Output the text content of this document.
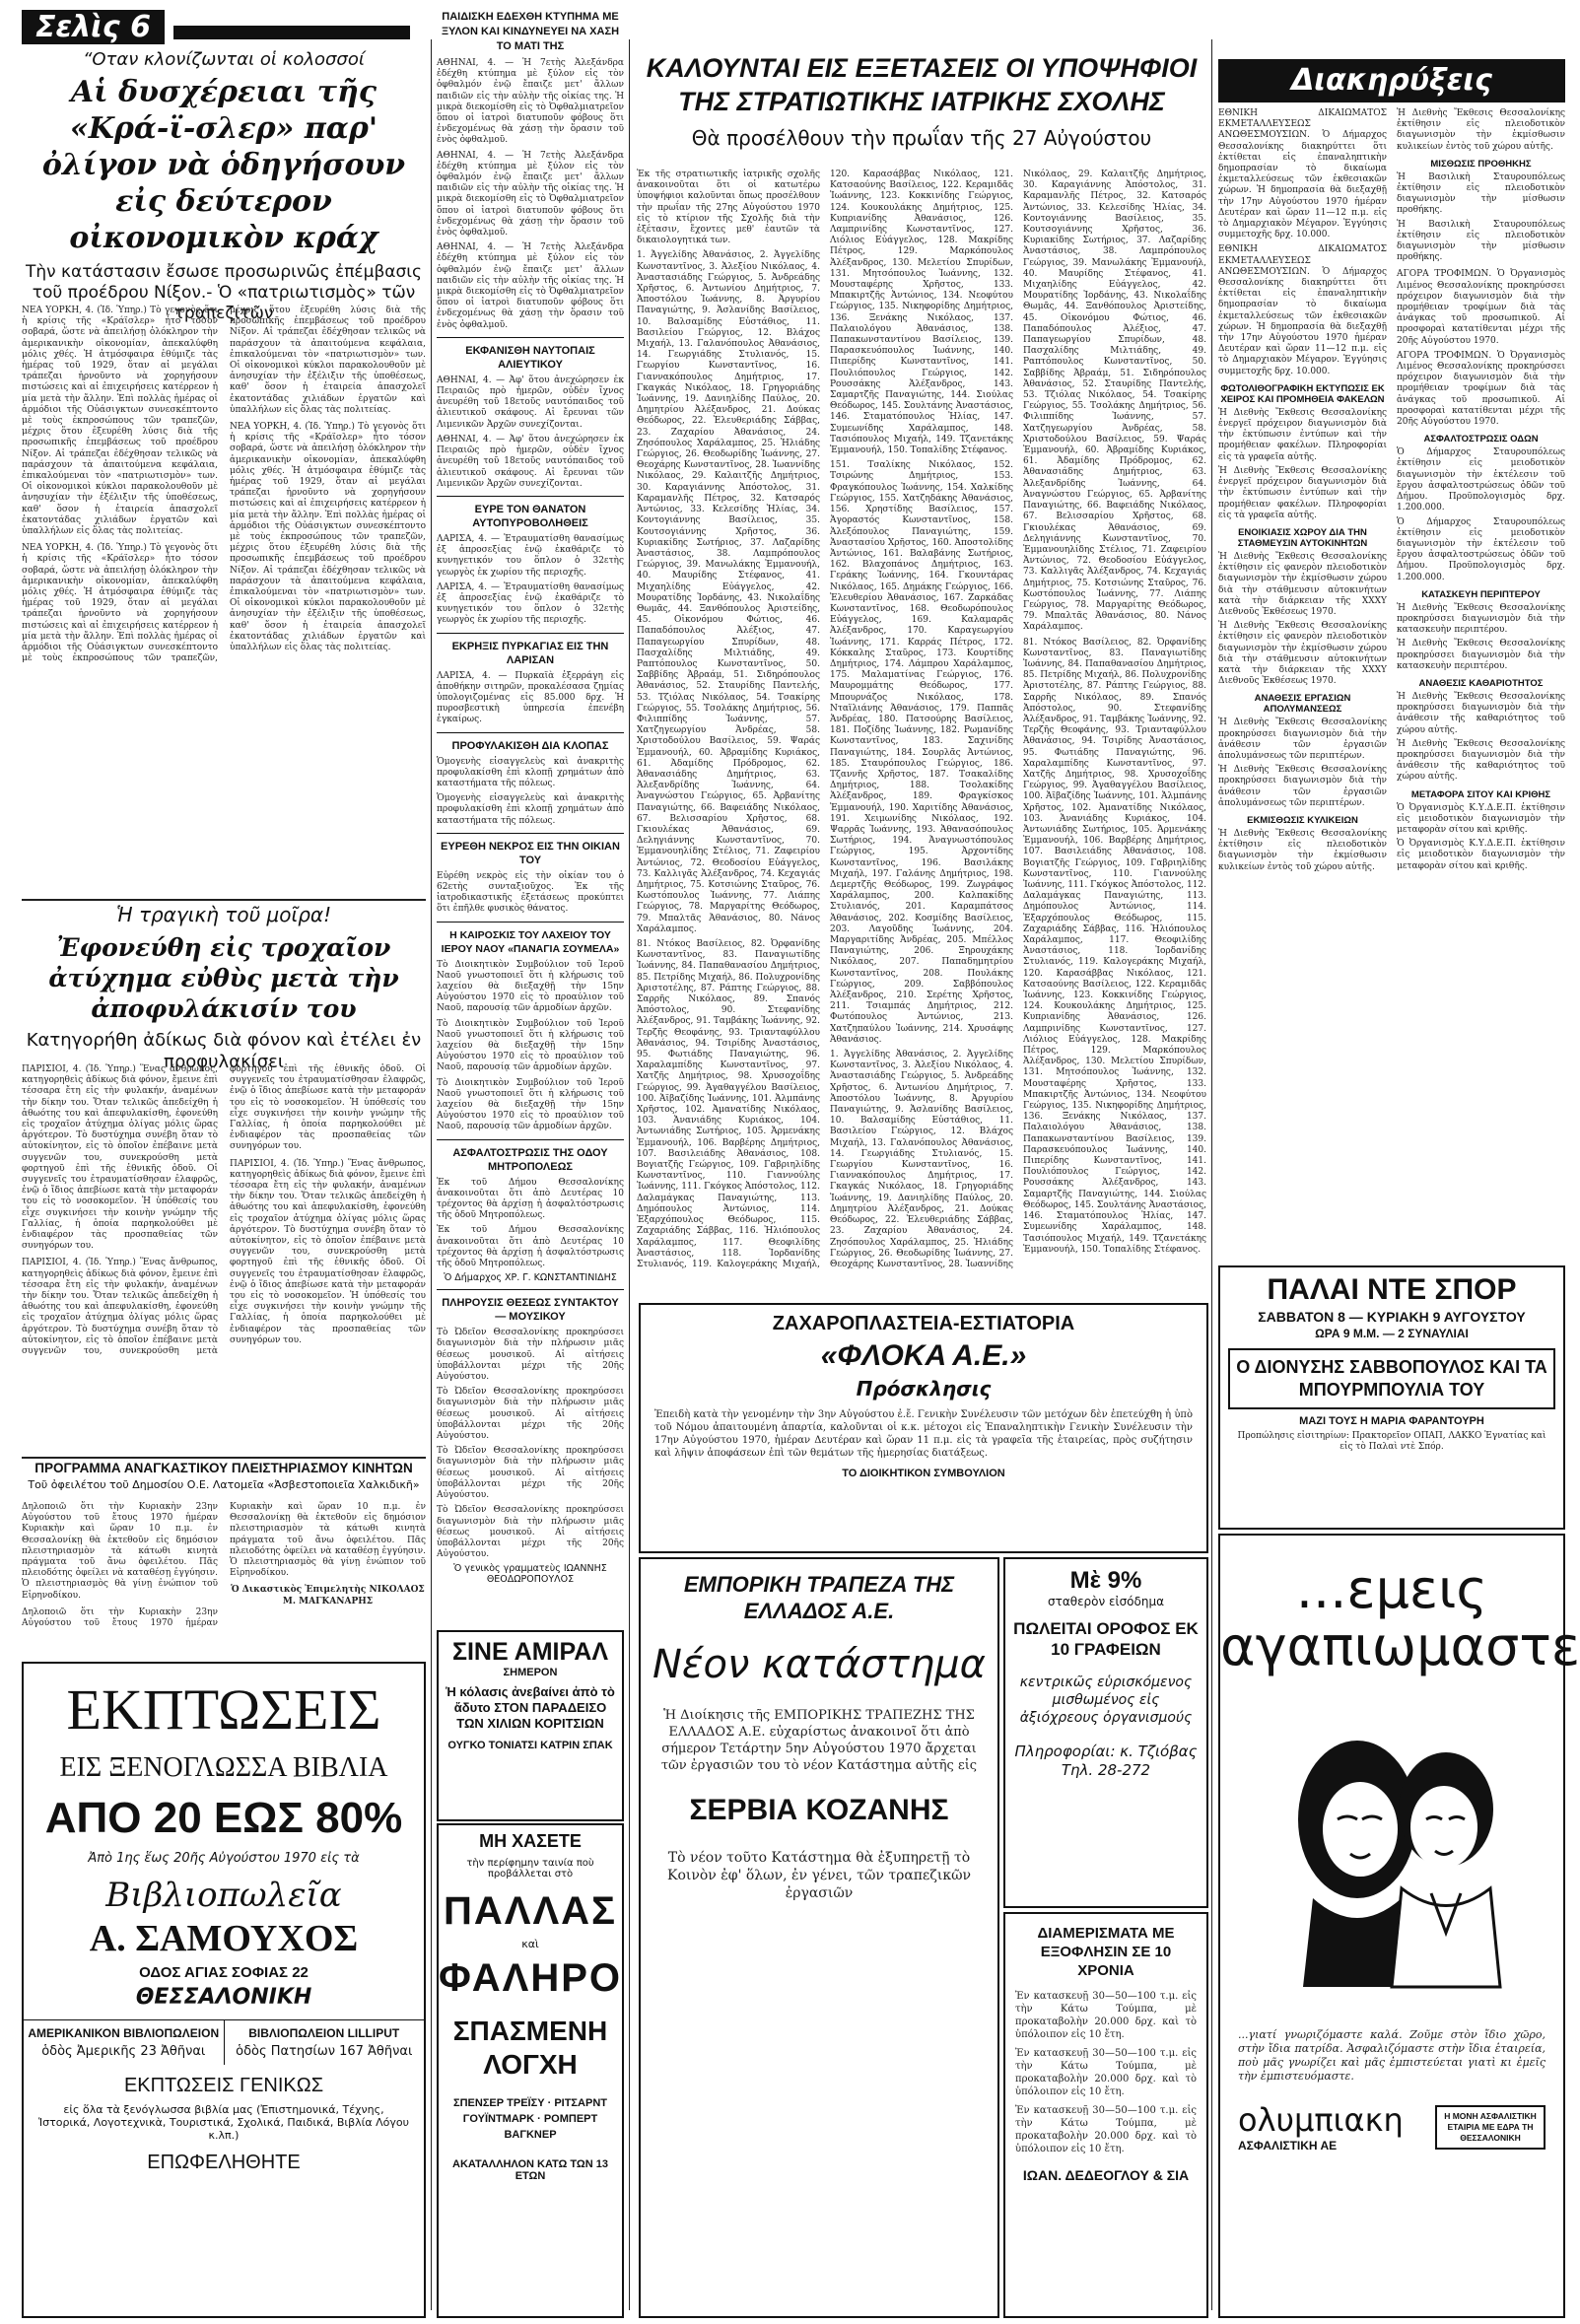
Σελὶς 6

“Οταν κλονίζωνται οἱ κολοσσοί

Αἱ δυσχέρειαι τῆς «Κρά-ϊ-σλερ» παρ' ὀλίγον νὰ ὁδηγήσουν εἰς δεύτερον οἰκονομικὸν κράχ

Τὴν κατάστασιν ἔσωσε προσωρινῶς ἐπέμβασις τοῦ προέδρου Νίξον.- Ὁ «πατριωτισμὸς» τῶν τραπεζιτῶν

ΝΕΑ ΥΟΡΚΗ, 4. (Ἰδ. Ὑπηρ.) Τὸ γεγονὸς ὅτι ἡ κρίσις τῆς «Κράϊσλερ» ἦτο τόσον σοβαρά, ὥστε νὰ ἀπειλήσῃ ὁλόκληρον τὴν ἀμερικανικὴν οἰκονομίαν, ἀπεκαλύφθη μόλις χθές. Ἡ ἀτμόσφαιρα ἐθύμιζε τὰς ἡμέρας τοῦ 1929, ὅταν αἱ μεγάλαι τράπεζαι ἡρνοῦντο νὰ χορηγήσουν πιστώσεις καὶ αἱ ἐπιχειρήσεις κατέρρεον ἡ μία μετὰ τὴν ἄλλην. Ἐπὶ πολλὰς ἡμέρας οἱ ἁρμόδιοι τῆς Οὐάσιγκτων συνεσκέπτοντο μὲ τοὺς ἐκπροσώπους τῶν τραπεζῶν, μέχρις ὅτου ἐξευρέθη λύσις διὰ τῆς προσωπικῆς ἐπεμβάσεως τοῦ προέδρου Νίξον. Αἱ τράπεζαι ἐδέχθησαν τελικῶς νὰ παράσχουν τὰ ἀπαιτούμενα κεφάλαια, ἐπικαλούμεναι τὸν «πατριωτισμὸν» των. Οἱ οἰκονομικοὶ κύκλοι παρακολουθοῦν μὲ ἀνησυχίαν τὴν ἐξέλιξιν τῆς ὑποθέσεως, καθ' ὅσον ἡ ἐταιρεία ἀπασχολεῖ ἑκατοντάδας χιλιάδων ἐργατῶν καὶ ὑπαλλήλων εἰς ὅλας τὰς πολιτείας.

ΝΕΑ ΥΟΡΚΗ, 4. (Ἰδ. Ὑπηρ.) Τὸ γεγονὸς ὅτι ἡ κρίσις τῆς «Κράϊσλερ» ἦτο τόσον σοβαρά, ὥστε νὰ ἀπειλήσῃ ὁλόκληρον τὴν ἀμερικανικὴν οἰκονομίαν, ἀπεκαλύφθη μόλις χθές. Ἡ ἀτμόσφαιρα ἐθύμιζε τὰς ἡμέρας τοῦ 1929, ὅταν αἱ μεγάλαι τράπεζαι ἡρνοῦντο νὰ χορηγήσουν πιστώσεις καὶ αἱ ἐπιχειρήσεις κατέρρεον ἡ μία μετὰ τὴν ἄλλην. Ἐπὶ πολλὰς ἡμέρας οἱ ἁρμόδιοι τῆς Οὐάσιγκτων συνεσκέπτοντο μὲ τοὺς ἐκπροσώπους τῶν τραπεζῶν, μέχρις ὅτου ἐξευρέθη λύσις διὰ τῆς προσωπικῆς ἐπεμβάσεως τοῦ προέδρου Νίξον. Αἱ τράπεζαι ἐδέχθησαν τελικῶς νὰ παράσχουν τὰ ἀπαιτούμενα κεφάλαια, ἐπικαλούμεναι τὸν «πατριωτισμὸν» των. Οἱ οἰκονομικοὶ κύκλοι παρακολουθοῦν μὲ ἀνησυχίαν τὴν ἐξέλιξιν τῆς ὑποθέσεως, καθ' ὅσον ἡ ἐταιρεία ἀπασχολεῖ ἑκατοντάδας χιλιάδων ἐργατῶν καὶ ὑπαλλήλων εἰς ὅλας τὰς πολιτείας.

ΝΕΑ ΥΟΡΚΗ, 4. (Ἰδ. Ὑπηρ.) Τὸ γεγονὸς ὅτι ἡ κρίσις τῆς «Κράϊσλερ» ἦτο τόσον σοβαρά, ὥστε νὰ ἀπειλήσῃ ὁλόκληρον τὴν ἀμερικανικὴν οἰκονομίαν, ἀπεκαλύφθη μόλις χθές. Ἡ ἀτμόσφαιρα ἐθύμιζε τὰς ἡμέρας τοῦ 1929, ὅταν αἱ μεγάλαι τράπεζαι ἡρνοῦντο νὰ χορηγήσουν πιστώσεις καὶ αἱ ἐπιχειρήσεις κατέρρεον ἡ μία μετὰ τὴν ἄλλην. Ἐπὶ πολλὰς ἡμέρας οἱ ἁρμόδιοι τῆς Οὐάσιγκτων συνεσκέπτοντο μὲ τοὺς ἐκπροσώπους τῶν τραπεζῶν, μέχρις ὅτου ἐξευρέθη λύσις διὰ τῆς προσωπικῆς ἐπεμβάσεως τοῦ προέδρου Νίξον. Αἱ τράπεζαι ἐδέχθησαν τελικῶς νὰ παράσχουν τὰ ἀπαιτούμενα κεφάλαια, ἐπικαλούμεναι τὸν «πατριωτισμὸν» των. Οἱ οἰκονομικοὶ κύκλοι παρακολουθοῦν μὲ ἀνησυχίαν τὴν ἐξέλιξιν τῆς ὑποθέσεως, καθ' ὅσον ἡ ἐταιρεία ἀπασχολεῖ ἑκατοντάδας χιλιάδων ἐργατῶν καὶ ὑπαλλήλων εἰς ὅλας τὰς πολιτείας.

Ἡ τραγικὴ τοῦ μοῖρα!

Ἐφονεύθη εἰς τροχαῖον ἀτύχημα εὐθὺς μετὰ τὴν ἀποφυλάκισίν του

Κατηγορήθη ἀδίκως διὰ φόνον καὶ ἐτέλει ἐν προφυλακίσει

ΠΑΡΙΣΙΟΙ, 4. (Ἰδ. Ὑπηρ.) Ἕνας ἄνθρωπος, κατηγορηθεὶς ἀδίκως διὰ φόνον, ἔμεινε ἐπὶ τέσσαρα ἔτη εἰς τὴν φυλακήν, ἀναμένων τὴν δίκην του. Ὅταν τελικῶς ἀπεδείχθη ἡ ἀθωότης του καὶ ἀπεφυλακίσθη, ἐφονεύθη εἰς τροχαῖον ἀτύχημα ὀλίγας μόλις ὥρας ἀργότερον. Τὸ δυστύχημα συνέβη ὅταν τὸ αὐτοκίνητον, εἰς τὸ ὁποῖον ἐπέβαινε μετὰ συγγενῶν του, συνεκρούσθη μετὰ φορτηγοῦ ἐπὶ τῆς ἐθνικῆς ὁδοῦ. Οἱ συγγενεῖς του ἐτραυματίσθησαν ἐλαφρῶς, ἐνῷ ὁ ἴδιος ἀπεβίωσε κατὰ τὴν μεταφοράν του εἰς τὸ νοσοκομεῖον. Ἡ ὑπόθεσίς του εἶχε συγκινήσει τὴν κοινὴν γνώμην τῆς Γαλλίας, ἡ ὁποία παρηκολούθει μὲ ἐνδιαφέρον τὰς προσπαθείας τῶν συνηγόρων του.

ΠΑΡΙΣΙΟΙ, 4. (Ἰδ. Ὑπηρ.) Ἕνας ἄνθρωπος, κατηγορηθεὶς ἀδίκως διὰ φόνον, ἔμεινε ἐπὶ τέσσαρα ἔτη εἰς τὴν φυλακήν, ἀναμένων τὴν δίκην του. Ὅταν τελικῶς ἀπεδείχθη ἡ ἀθωότης του καὶ ἀπεφυλακίσθη, ἐφονεύθη εἰς τροχαῖον ἀτύχημα ὀλίγας μόλις ὥρας ἀργότερον. Τὸ δυστύχημα συνέβη ὅταν τὸ αὐτοκίνητον, εἰς τὸ ὁποῖον ἐπέβαινε μετὰ συγγενῶν του, συνεκρούσθη μετὰ φορτηγοῦ ἐπὶ τῆς ἐθνικῆς ὁδοῦ. Οἱ συγγενεῖς του ἐτραυματίσθησαν ἐλαφρῶς, ἐνῷ ὁ ἴδιος ἀπεβίωσε κατὰ τὴν μεταφοράν του εἰς τὸ νοσοκομεῖον. Ἡ ὑπόθεσίς του εἶχε συγκινήσει τὴν κοινὴν γνώμην τῆς Γαλλίας, ἡ ὁποία παρηκολούθει μὲ ἐνδιαφέρον τὰς προσπαθείας τῶν συνηγόρων του.

ΠΑΡΙΣΙΟΙ, 4. (Ἰδ. Ὑπηρ.) Ἕνας ἄνθρωπος, κατηγορηθεὶς ἀδίκως διὰ φόνον, ἔμεινε ἐπὶ τέσσαρα ἔτη εἰς τὴν φυλακήν, ἀναμένων τὴν δίκην του. Ὅταν τελικῶς ἀπεδείχθη ἡ ἀθωότης του καὶ ἀπεφυλακίσθη, ἐφονεύθη εἰς τροχαῖον ἀτύχημα ὀλίγας μόλις ὥρας ἀργότερον. Τὸ δυστύχημα συνέβη ὅταν τὸ αὐτοκίνητον, εἰς τὸ ὁποῖον ἐπέβαινε μετὰ συγγενῶν του, συνεκρούσθη μετὰ φορτηγοῦ ἐπὶ τῆς ἐθνικῆς ὁδοῦ. Οἱ συγγενεῖς του ἐτραυματίσθησαν ἐλαφρῶς, ἐνῷ ὁ ἴδιος ἀπεβίωσε κατὰ τὴν μεταφοράν του εἰς τὸ νοσοκομεῖον. Ἡ ὑπόθεσίς του εἶχε συγκινήσει τὴν κοινὴν γνώμην τῆς Γαλλίας, ἡ ὁποία παρηκολούθει μὲ ἐνδιαφέρον τὰς προσπαθείας τῶν συνηγόρων του.

ΠΡΟΓΡΑΜΜΑ ΑΝΑΓΚΑΣΤΙΚΟΥ ΠΛΕΙΣΤΗΡΙΑΣΜΟΥ ΚΙΝΗΤΩΝ

Τοῦ ὀφειλέτου τοῦ Δημοσίου Ο.Ε. Λατομεῖα «Ἀσβεστοποιεῖα Χαλκιδικῆ»

Δηλοποιῶ ὅτι τὴν Κυριακὴν 23ην Αὐγούστου τοῦ ἔτους 1970 ἡμέραν Κυριακὴν καὶ ὥραν 10 π.μ. ἐν Θεσσαλονίκῃ θὰ ἐκτεθοῦν εἰς δημόσιον πλειστηριασμὸν τὰ κάτωθι κινητὰ πράγματα τοῦ ἄνω ὀφειλέτου. Πᾶς πλειοδότης ὀφείλει νὰ καταθέσῃ ἐγγύησιν. Ὁ πλειστηριασμὸς θὰ γίνῃ ἐνώπιον τοῦ Εἰρηνοδίκου.

Δηλοποιῶ ὅτι τὴν Κυριακὴν 23ην Αὐγούστου τοῦ ἔτους 1970 ἡμέραν Κυριακὴν καὶ ὥραν 10 π.μ. ἐν Θεσσαλονίκῃ θὰ ἐκτεθοῦν εἰς δημόσιον πλειστηριασμὸν τὰ κάτωθι κινητὰ πράγματα τοῦ ἄνω ὀφειλέτου. Πᾶς πλειοδότης ὀφείλει νὰ καταθέσῃ ἐγγύησιν. Ὁ πλειστηριασμὸς θὰ γίνῃ ἐνώπιον τοῦ Εἰρηνοδίκου.

Ὁ Δικαστικὸς Ἐπιμελητὴς ΝΙΚΟΛΑΟΣ Μ. ΜΑΓΚΑΝΑΡΗΣ

ΕΚΠΤΩΣΕΙΣ

ΕΙΣ ΞΕΝΟΓΛΩΣΣΑ ΒΙΒΛΙΑ

ΑΠΟ 20 ΕΩΣ 80%

Ἀπὸ 1ης ἕως 20ῆς Αὐγούστου 1970 εἰς τὰ

Βιβλιοπωλεῖα

Α. ΣΑΜΟΥΧΟΣ

ΟΔΟΣ ΑΓΙΑΣ ΣΟΦΙΑΣ 22

ΘΕΣΣΑΛΟΝΙΚΗ

ΑΜΕΡΙΚΑΝΙΚΟΝ ΒΙΒΛΙΟΠΩΛΕΙΟΝ

ὁδὸς Ἀμερικῆς 23 Ἀθῆναι

ΒΙΒΛΙΟΠΩΛΕΙΟΝ LILLIPUT

ὁδὸς Πατησίων 167 Ἀθῆναι

ΕΚΠΤΩΣΕΙΣ ΓΕΝΙΚΩΣ

εἰς ὅλα τὰ ξενόγλωσσα βιβλία μας (Ἐπιστημονικά, Τέχνης, Ἱστορικά, Λογοτεχνικὰ, Τουριστικά, Σχολικά, Παιδικά, Βιβλία Λόγου κ.λπ.)

ΕΠΩΦΕΛΗΘΗΤΕ

ΠΑΙΔΙΣΚΗ ΕΔΕΧΘΗ ΚΤΥΠΗΜΑ ΜΕ ΞΥΛΟΝ ΚΑΙ ΚΙΝΔΥΝΕΥΕΙ ΝΑ ΧΑΣΗ ΤΟ ΜΑΤΙ ΤΗΣ

ΑΘΗΝΑΙ, 4. — Ἡ 7ετὴς Ἀλεξάνδρα ἐδέχθη κτύπημα μὲ ξύλον εἰς τὸν ὀφθαλμόν ἐνῷ ἔπαιζε μετ' ἄλλων παιδιῶν εἰς τὴν αὐλὴν τῆς οἰκίας της. Ἡ μικρὰ διεκομίσθη εἰς τὸ Ὀφθαλμιατρεῖον ὅπου οἱ ἰατροὶ διατυποῦν φόβους ὅτι ἐνδεχομένως θὰ χάσῃ τὴν ὅρασιν τοῦ ἑνὸς ὀφθαλμοῦ.

ΑΘΗΝΑΙ, 4. — Ἡ 7ετὴς Ἀλεξάνδρα ἐδέχθη κτύπημα μὲ ξύλον εἰς τὸν ὀφθαλμόν ἐνῷ ἔπαιζε μετ' ἄλλων παιδιῶν εἰς τὴν αὐλὴν τῆς οἰκίας της. Ἡ μικρὰ διεκομίσθη εἰς τὸ Ὀφθαλμιατρεῖον ὅπου οἱ ἰατροὶ διατυποῦν φόβους ὅτι ἐνδεχομένως θὰ χάσῃ τὴν ὅρασιν τοῦ ἑνὸς ὀφθαλμοῦ.

ΑΘΗΝΑΙ, 4. — Ἡ 7ετὴς Ἀλεξάνδρα ἐδέχθη κτύπημα μὲ ξύλον εἰς τὸν ὀφθαλμόν ἐνῷ ἔπαιζε μετ' ἄλλων παιδιῶν εἰς τὴν αὐλὴν τῆς οἰκίας της. Ἡ μικρὰ διεκομίσθη εἰς τὸ Ὀφθαλμιατρεῖον ὅπου οἱ ἰατροὶ διατυποῦν φόβους ὅτι ἐνδεχομένως θὰ χάσῃ τὴν ὅρασιν τοῦ ἑνὸς ὀφθαλμοῦ.

ΕΚΦΑΝΙΣΘΗ ΝΑΥΤΟΠΑΙΣ ΑΛΙΕΥΤΙΚΟΥ

ΑΘΗΝΑΙ, 4. — Ἀφ' ὅτου ἀνεχώρησεν ἐκ Πειραιῶς πρὸ ἡμερῶν, οὐδὲν ἴχνος ἀνευρέθη τοῦ 18ετοῦς ναυτόπαιδος τοῦ ἀλιευτικοῦ σκάφους. Αἱ ἔρευναι τῶν Λιμενικῶν Ἀρχῶν συνεχίζονται.

ΑΘΗΝΑΙ, 4. — Ἀφ' ὅτου ἀνεχώρησεν ἐκ Πειραιῶς πρὸ ἡμερῶν, οὐδὲν ἴχνος ἀνευρέθη τοῦ 18ετοῦς ναυτόπαιδος τοῦ ἀλιευτικοῦ σκάφους. Αἱ ἔρευναι τῶν Λιμενικῶν Ἀρχῶν συνεχίζονται.

ΕΥΡΕ ΤΟΝ ΘΑΝΑΤΟΝ ΑΥΤΟΠΥΡΟΒΟΛΗΘΕΙΣ

ΛΑΡΙΣΑ, 4. — Ἐτραυματίσθη θανασίμως ἐξ ἀπροσεξίας ἐνῷ ἐκαθάριζε τὸ κυνηγετικόν του ὅπλον ὁ 32ετὴς γεωργὸς ἐκ χωρίου τῆς περιοχῆς.

ΛΑΡΙΣΑ, 4. — Ἐτραυματίσθη θανασίμως ἐξ ἀπροσεξίας ἐνῷ ἐκαθάριζε τὸ κυνηγετικόν του ὅπλον ὁ 32ετὴς γεωργὸς ἐκ χωρίου τῆς περιοχῆς.

ΕΚΡΗΞΙΣ ΠΥΡΚΑΓΙΑΣ ΕΙΣ ΤΗΝ ΛΑΡΙΣΑΝ

ΛΑΡΙΣΑ, 4. — Πυρκαϊὰ ἐξερράγη εἰς ἀποθήκην σιτηρῶν, προκαλέσασα ζημίας ὑπολογιζομένας εἰς 85.000 δρχ. Ἡ πυροσβεστικὴ ὑπηρεσία ἐπενέβη ἐγκαίρως.

ΠΡΟΦΥΛΑΚΙΣΘΗ ΔΙΑ ΚΛΟΠΑΣ

Ὁμογενὴς εἰσαγγελεὺς καὶ ἀνακριτὴς προφυλακίσθη ἐπὶ κλοπῇ χρημάτων ἀπὸ καταστήματα τῆς πόλεως.

Ὁμογενὴς εἰσαγγελεὺς καὶ ἀνακριτὴς προφυλακίσθη ἐπὶ κλοπῇ χρημάτων ἀπὸ καταστήματα τῆς πόλεως.

ΕΥΡΕΘΗ ΝΕΚΡΟΣ ΕΙΣ ΤΗΝ ΟΙΚΙΑΝ ΤΟΥ

Εὑρέθη νεκρὸς εἰς τὴν οἰκίαν του ὁ 62ετὴς συνταξιοῦχος. Ἐκ τῆς ἰατροδικαστικῆς ἐξετάσεως προκύπτει ὅτι ἐπῆλθε φυσικὸς θάνατος.

Η ΚΑΙΡΟΣΚΙΣ ΤΟΥ ΛΑΧΕΙΟΥ ΤΟΥ ΙΕΡΟΥ ΝΑΟΥ «ΠΑΝΑΓΙΑ ΣΟΥΜΕΛΑ»

Τὸ Διοικητικὸν Συμβούλιον τοῦ Ἱεροῦ Ναοῦ γνωστοποιεῖ ὅτι ἡ κλήρωσις τοῦ λαχείου θὰ διεξαχθῇ τὴν 15ην Αὐγούστου 1970 εἰς τὸ προαύλιον τοῦ Ναοῦ, παρουσίᾳ τῶν ἁρμοδίων ἀρχῶν.

Τὸ Διοικητικὸν Συμβούλιον τοῦ Ἱεροῦ Ναοῦ γνωστοποιεῖ ὅτι ἡ κλήρωσις τοῦ λαχείου θὰ διεξαχθῇ τὴν 15ην Αὐγούστου 1970 εἰς τὸ προαύλιον τοῦ Ναοῦ, παρουσίᾳ τῶν ἁρμοδίων ἀρχῶν.

Τὸ Διοικητικὸν Συμβούλιον τοῦ Ἱεροῦ Ναοῦ γνωστοποιεῖ ὅτι ἡ κλήρωσις τοῦ λαχείου θὰ διεξαχθῇ τὴν 15ην Αὐγούστου 1970 εἰς τὸ προαύλιον τοῦ Ναοῦ, παρουσίᾳ τῶν ἁρμοδίων ἀρχῶν.

ΑΣΦΑΛΤΟΣΤΡΩΣΙΣ ΤΗΣ ΟΔΟΥ ΜΗΤΡΟΠΟΛΕΩΣ

Ἐκ τοῦ Δήμου Θεσσαλονίκης ἀνακοινοῦται ὅτι ἀπὸ Δευτέρας 10 τρέχοντος θὰ ἀρχίσῃ ἡ ἀσφαλτόστρωσις τῆς ὁδοῦ Μητροπόλεως.

Ἐκ τοῦ Δήμου Θεσσαλονίκης ἀνακοινοῦται ὅτι ἀπὸ Δευτέρας 10 τρέχοντος θὰ ἀρχίσῃ ἡ ἀσφαλτόστρωσις τῆς ὁδοῦ Μητροπόλεως.

Ὁ Δήμαρχος ΧΡ. Γ. ΚΩΝΣΤΑΝΤΙΝΙΔΗΣ

ΠΛΗΡΟΥΣΙΣ ΘΕΣΕΩΣ ΣΥΝΤΑΚΤΟΥ — ΜΟΥΣΙΚΟΥ

Τὸ Ὠδεῖον Θεσσαλονίκης προκηρύσσει διαγωνισμὸν διὰ τὴν πλήρωσιν μιᾶς θέσεως μουσικοῦ. Αἱ αἰτήσεις ὑποβάλλονται μέχρι τῆς 20ῆς Αὐγούστου.

Τὸ Ὠδεῖον Θεσσαλονίκης προκηρύσσει διαγωνισμὸν διὰ τὴν πλήρωσιν μιᾶς θέσεως μουσικοῦ. Αἱ αἰτήσεις ὑποβάλλονται μέχρι τῆς 20ῆς Αὐγούστου.

Τὸ Ὠδεῖον Θεσσαλονίκης προκηρύσσει διαγωνισμὸν διὰ τὴν πλήρωσιν μιᾶς θέσεως μουσικοῦ. Αἱ αἰτήσεις ὑποβάλλονται μέχρι τῆς 20ῆς Αὐγούστου.

Τὸ Ὠδεῖον Θεσσαλονίκης προκηρύσσει διαγωνισμὸν διὰ τὴν πλήρωσιν μιᾶς θέσεως μουσικοῦ. Αἱ αἰτήσεις ὑποβάλλονται μέχρι τῆς 20ῆς Αὐγούστου.

Ὁ γενικὸς γραμματεὺς ΙΩΑΝΝΗΣ ΘΕΟΔΩΡΟΠΟΥΛΟΣ

ΣΙΝΕ ΑΜΙΡΑΛ

ΣΗΜΕΡΟΝ

Ἡ κόλασις ἀνεβαίνει ἀπὸ τὸ ἄδυτο ΣΤΟΝ ΠΑΡΑΔΕΙΣΟ ΤΩΝ ΧΙΛΙΩΝ ΚΟΡΙΤΣΙΩΝ

ΟΥΓΚΟ ΤΟΝΙΑΤΣΙ ΚΑΤΡΙΝ ΣΠΑΚ

ΜΗ ΧΑΣΕΤΕ

τὴν περίφημην ταινία ποὺ προβάλλεται στὸ

ΠΑΛΛΑΣ

καὶ

ΦΑΛΗΡΟ

ΣΠΑΣΜΕΝΗ ΛΟΓΧΗ

ΣΠΕΝΣΕΡ ΤΡΕΪΣΥ · ΡΙΤΣΑΡΝΤ ΓΟΥΪΝΤΜΑΡΚ · ΡΟΜΠΕΡΤ ΒΑΓΚΝΕΡ

ΑΚΑΤΑΛΛΗΛΟΝ ΚΑΤΩ ΤΩΝ 13 ΕΤΩΝ

ΚΑΛΟΥΝΤΑΙ ΕΙΣ ΕΞΕΤΑΣΕΙΣ ΟΙ ΥΠΟΨΗΦΙΟΙ ΤΗΣ ΣΤΡΑΤΙΩΤΙΚΗΣ ΙΑΤΡΙΚΗΣ ΣΧΟΛΗΣ

Θὰ προσέλθουν τὴν πρωΐαν τῆς 27 Αὐγούστου

Ἐκ τῆς στρατιωτικῆς ἰατρικῆς σχολῆς ἀνακοινοῦται ὅτι οἱ κατωτέρω ὑποψήφιοι καλοῦνται ὅπως προσέλθουν τὴν πρωΐαν τῆς 27ης Αὐγούστου 1970 εἰς τὸ κτίριον τῆς Σχολῆς διὰ τὴν ἐξέτασιν, ἔχοντες μεθ' ἑαυτῶν τὰ δικαιολογητικά των.

1. Ἀγγελίδης Ἀθανάσιος, 2. Ἀγγελίδης Κωνσταντῖνος, 3. Ἀλεξίου Νικόλαος, 4. Ἀναστασιάδης Γεώργιος, 5. Ἀνδρεάδης Χρῆστος, 6. Ἀντωνίου Δημήτριος, 7. Ἀποστόλου Ἰωάννης, 8. Ἀργυρίου Παναγιώτης, 9. Ἀσλανίδης Βασίλειος, 10. Βαλσαμίδης Εὐστάθιος, 11. Βασιλείου Γεώργιος, 12. Βλάχος Μιχαήλ, 13. Γαλανόπουλος Ἀθανάσιος, 14. Γεωργιάδης Στυλιανός, 15. Γεωργίου Κωνσταντῖνος, 16. Γιαννακόπουλος Δημήτριος, 17. Γκαγκάς Νικόλαος, 18. Γρηγοριάδης Ἰωάννης, 19. Δανιηλίδης Παύλος, 20. Δημητρίου Ἀλέξανδρος, 21. Δούκας Θεόδωρος, 22. Ἐλευθεριάδης Σάββας, 23. Ζαχαρίου Ἀθανάσιος, 24. Ζησόπουλος Χαράλαμπος, 25. Ἠλιάδης Γεώργιος, 26. Θεοδωρίδης Ἰωάννης, 27. Θεοχάρης Κωνσταντῖνος, 28. Ἰωαννίδης Νικόλαος, 29. Καλαιτζῆς Δημήτριος, 30. Καραγιάννης Ἀπόστολος, 31. Καραμανλῆς Πέτρος, 32. Κατσαρός Ἀντώνιος, 33. Κελεσίδης Ἠλίας, 34. Κοντογιάννης Βασίλειος, 35. Κουτσογιάννης Χρῆστος, 36. Κυριακίδης Σωτήριος, 37. Λαζαρίδης Ἀναστάσιος, 38. Λαμπρόπουλος Γεώργιος, 39. Μανωλάκης Ἐμμανουήλ, 40. Μαυρίδης Στέφανος, 41. Μιχαηλίδης Εὐάγγελος, 42. Μουρατίδης Ἰορδάνης, 43. Νικολαΐδης Θωμᾶς, 44. Ξανθόπουλος Ἀριστείδης, 45. Οἰκονόμου Φώτιος, 46. Παπαδόπουλος Ἀλέξιος, 47. Παπαγεωργίου Σπυρίδων, 48. Πασχαλίδης Μιλτιάδης, 49. Ραπτόπουλος Κωνσταντῖνος, 50. Σαββίδης Ἀβραάμ, 51. Σιδηρόπουλος Ἀθανάσιος, 52. Σταυρίδης Παντελής, 53. Τζιόλας Νικόλαος, 54. Τσακίρης Γεώργιος, 55. Τσολάκης Δημήτριος, 56. Φιλιππίδης Ἰωάννης, 57. Χατζηγεωργίου Ἀνδρέας, 58. Χριστοδούλου Βασίλειος, 59. Ψαράς Ἐμμανουήλ, 60. Ἀβραμίδης Κυριάκος, 61. Ἀδαμίδης Πρόδρομος, 62. Ἀθανασιάδης Δημήτριος, 63. Ἀλεξανδρίδης Ἰωάννης, 64. Ἀναγνώστου Γεώργιος, 65. Ἀρβανίτης Παναγιώτης, 66. Βαφειάδης Νικόλαος, 67. Βελισσαρίου Χρῆστος, 68. Γκιουλέκας Ἀθανάσιος, 69. Δεληγιάννης Κωνσταντῖνος, 70. Ἐμμανουηλίδης Στέλιος, 71. Ζαφειρίου Ἀντώνιος, 72. Θεοδοσίου Εὐάγγελος, 73. Καλλιγᾶς Ἀλέξανδρος, 74. Κεχαγιάς Δημήτριος, 75. Κοτσιώνης Σταῦρος, 76. Κωστόπουλος Ἰωάννης, 77. Λιάπης Γεώργιος, 78. Μαργαρίτης Θεόδωρος, 79. Μπαλτᾶς Ἀθανάσιος, 80. Νάνος Χαράλαμπος.

81. Ντόκος Βασίλειος, 82. Ὀρφανίδης Κωνσταντῖνος, 83. Παναγιωτίδης Ἰωάννης, 84. Παπαθανασίου Δημήτριος, 85. Πετρίδης Μιχαήλ, 86. Πολυχρονίδης Ἀριστοτέλης, 87. Ράπτης Γεώργιος, 88. Σαρρῆς Νικόλαος, 89. Σπανός Ἀπόστολος, 90. Στεφανίδης Ἀλέξανδρος, 91. Ταμβάκης Ἰωάννης, 92. Τερζῆς Θεοφάνης, 93. Τριανταφύλλου Ἀθανάσιος, 94. Τσιρίδης Ἀναστάσιος, 95. Φωτιάδης Παναγιώτης, 96. Χαραλαμπίδης Κωνσταντῖνος, 97. Χατζῆς Δημήτριος, 98. Χρυσοχοΐδης Γεώργιος, 99. Ἀγαθαγγέλου Βασίλειος, 100. Ἀϊβαζίδης Ἰωάννης, 101. Ἀλμπάνης Χρῆστος, 102. Ἀμανατίδης Νικόλαος, 103. Ἀνανιάδης Κυριάκος, 104. Ἀντωνιάδης Σωτήριος, 105. Ἀρμενάκης Ἐμμανουήλ, 106. Βαρβέρης Δημήτριος, 107. Βασιλειάδης Ἀθανάσιος, 108. Βογιατζῆς Γεώργιος, 109. Γαβριηλίδης Κωνσταντῖνος, 110. Γιαννούλης Ἰωάννης, 111. Γκόγκος Ἀπόστολος, 112. Δαλαμάγκας Παναγιώτης, 113. Δημόπουλος Ἀντώνιος, 114. Ἐξαρχόπουλος Θεόδωρος, 115. Ζαχαριάδης Σάββας, 116. Ἠλιόπουλος Χαράλαμπος, 117. Θεοφιλίδης Ἀναστάσιος, 118. Ἰορδανίδης Στυλιανός, 119. Καλογεράκης Μιχαήλ, 120. Καρασάββας Νικόλαος, 121. Κατσαούνης Βασίλειος, 122. Κεραμιδᾶς Ἰωάννης, 123. Κοκκινίδης Γεώργιος, 124. Κουκουλάκης Δημήτριος, 125. Κυπριανίδης Ἀθανάσιος, 126. Λαμπρινίδης Κωνσταντῖνος, 127. Λιόλιος Εὐάγγελος, 128. Μακρίδης Πέτρος, 129. Μαρκόπουλος Ἀλέξανδρος, 130. Μελετίου Σπυρίδων, 131. Μητσόπουλος Ἰωάννης, 132. Μουσταφέρης Χρῆστος, 133. Μπακιρτζῆς Ἀντώνιος, 134. Νεοφύτου Γεώργιος, 135. Νικηφορίδης Δημήτριος, 136. Ξενάκης Νικόλαος, 137. Παλαιολόγου Ἀθανάσιος, 138. Παπακωνσταντίνου Βασίλειος, 139. Παρασκευόπουλος Ἰωάννης, 140. Πιπερίδης Κωνσταντῖνος, 141. Πουλιόπουλος Γεώργιος, 142. Ρουσσάκης Ἀλέξανδρος, 143. Σαμαρτζῆς Παναγιώτης, 144. Σιούλας Θεόδωρος, 145. Σουλτάνης Ἀναστάσιος, 146. Σταματόπουλος Ἠλίας, 147. Συμεωνίδης Χαράλαμπος, 148. Τασιόπουλος Μιχαήλ, 149. Τζανετάκης Ἐμμανουήλ, 150. Τοπαλίδης Στέφανος.

151. Τσαλίκης Νικόλαος, 152. Τσιρώνης Δημήτριος, 153. Φραγκόπουλος Ἰωάννης, 154. Χαλκίδης Γεώργιος, 155. Χατζηδάκης Ἀθανάσιος, 156. Χρηστίδης Βασίλειος, 157. Ἀγοραστός Κωνσταντῖνος, 158. Ἀλεξόπουλος Παναγιώτης, 159. Ἀναστασίου Χρῆστος, 160. Ἀποστολίδης Ἀντώνιος, 161. Βαλαβάνης Σωτήριος, 162. Βλαχοπάνος Δημήτριος, 163. Γεράκης Ἰωάννης, 164. Γκουντάρας Νικόλαος, 165. Δημάκης Γεώργιος, 166. Ἐλευθερίου Ἀθανάσιος, 167. Ζαρκάδας Κωνσταντῖνος, 168. Θεοδωρόπουλος Εὐάγγελος, 169. Καλαμαρᾶς Ἀλέξανδρος, 170. Καραγεωργίου Ἰωάννης, 171. Καρράς Πέτρος, 172. Κόκκαλης Σταῦρος, 173. Κουρτίδης Δημήτριος, 174. Λάμπρου Χαράλαμπος, 175. Μαλαματίνας Γεώργιος, 176. Μαυρομμάτης Θεόδωρος, 177. Μπουρνάζος Νικόλαος, 178. Νταϊλιάνης Ἀθανάσιος, 179. Παππᾶς Ἀνδρέας, 180. Πατσούρης Βασίλειος, 181. Ποζίδης Ἰωάννης, 182. Ρωμανίδης Κωνσταντῖνος, 183. Σαχινίδης Παναγιώτης, 184. Σουρλᾶς Ἀντώνιος, 185. Σταυρόπουλος Γεώργιος, 186. Τζαννῆς Χρῆστος, 187. Τσακαλίδης Δημήτριος, 188. Τσολακίδης Ἀλέξανδρος, 189. Φραγκίσκος Ἐμμανουήλ, 190. Χαριτίδης Ἀθανάσιος, 191. Χειμωνίδης Νικόλαος, 192. Ψαρρᾶς Ἰωάννης, 193. Ἀθανασόπουλος Σωτήριος, 194. Ἀναγνωστόπουλος Γεώργιος, 195. Ἀρχοντίδης Κωνσταντῖνος, 196. Βασιλάκης Μιχαήλ, 197. Γαλάνης Δημήτριος, 198. Δεμερτζῆς Θεόδωρος, 199. Ζωγράφος Χαράλαμπος, 200. Καλπακίδης Στυλιανός, 201. Καραμπάτσος Ἀθανάσιος, 202. Κοσμίδης Βασίλειος, 203. Λαγοῦδης Ἰωάννης, 204. Μαργαριτίδης Ἀνδρέας, 205. Μπέλλος Παναγιώτης, 206. Ξηρουχάκης Νικόλαος, 207. Παπαδημητρίου Κωνσταντῖνος, 208. Πουλάκης Γεώργιος, 209. Σαββόπουλος Ἀλέξανδρος, 210. Σερέτης Χρῆστος, 211. Τσιαμπάς Δημήτριος, 212. Φωτόπουλος Ἀντώνιος, 213. Χατζηπαύλου Ἰωάννης, 214. Χρυσάφης Ἀθανάσιος.

1. Ἀγγελίδης Ἀθανάσιος, 2. Ἀγγελίδης Κωνσταντῖνος, 3. Ἀλεξίου Νικόλαος, 4. Ἀναστασιάδης Γεώργιος, 5. Ἀνδρεάδης Χρῆστος, 6. Ἀντωνίου Δημήτριος, 7. Ἀποστόλου Ἰωάννης, 8. Ἀργυρίου Παναγιώτης, 9. Ἀσλανίδης Βασίλειος, 10. Βαλσαμίδης Εὐστάθιος, 11. Βασιλείου Γεώργιος, 12. Βλάχος Μιχαήλ, 13. Γαλανόπουλος Ἀθανάσιος, 14. Γεωργιάδης Στυλιανός, 15. Γεωργίου Κωνσταντῖνος, 16. Γιαννακόπουλος Δημήτριος, 17. Γκαγκάς Νικόλαος, 18. Γρηγοριάδης Ἰωάννης, 19. Δανιηλίδης Παύλος, 20. Δημητρίου Ἀλέξανδρος, 21. Δούκας Θεόδωρος, 22. Ἐλευθεριάδης Σάββας, 23. Ζαχαρίου Ἀθανάσιος, 24. Ζησόπουλος Χαράλαμπος, 25. Ἠλιάδης Γεώργιος, 26. Θεοδωρίδης Ἰωάννης, 27. Θεοχάρης Κωνσταντῖνος, 28. Ἰωαννίδης Νικόλαος, 29. Καλαιτζῆς Δημήτριος, 30. Καραγιάννης Ἀπόστολος, 31. Καραμανλῆς Πέτρος, 32. Κατσαρός Ἀντώνιος, 33. Κελεσίδης Ἠλίας, 34. Κοντογιάννης Βασίλειος, 35. Κουτσογιάννης Χρῆστος, 36. Κυριακίδης Σωτήριος, 37. Λαζαρίδης Ἀναστάσιος, 38. Λαμπρόπουλος Γεώργιος, 39. Μανωλάκης Ἐμμανουήλ, 40. Μαυρίδης Στέφανος, 41. Μιχαηλίδης Εὐάγγελος, 42. Μουρατίδης Ἰορδάνης, 43. Νικολαΐδης Θωμᾶς, 44. Ξανθόπουλος Ἀριστείδης, 45. Οἰκονόμου Φώτιος, 46. Παπαδόπουλος Ἀλέξιος, 47. Παπαγεωργίου Σπυρίδων, 48. Πασχαλίδης Μιλτιάδης, 49. Ραπτόπουλος Κωνσταντῖνος, 50. Σαββίδης Ἀβραάμ, 51. Σιδηρόπουλος Ἀθανάσιος, 52. Σταυρίδης Παντελής, 53. Τζιόλας Νικόλαος, 54. Τσακίρης Γεώργιος, 55. Τσολάκης Δημήτριος, 56. Φιλιππίδης Ἰωάννης, 57. Χατζηγεωργίου Ἀνδρέας, 58. Χριστοδούλου Βασίλειος, 59. Ψαράς Ἐμμανουήλ, 60. Ἀβραμίδης Κυριάκος, 61. Ἀδαμίδης Πρόδρομος, 62. Ἀθανασιάδης Δημήτριος, 63. Ἀλεξανδρίδης Ἰωάννης, 64. Ἀναγνώστου Γεώργιος, 65. Ἀρβανίτης Παναγιώτης, 66. Βαφειάδης Νικόλαος, 67. Βελισσαρίου Χρῆστος, 68. Γκιουλέκας Ἀθανάσιος, 69. Δεληγιάννης Κωνσταντῖνος, 70. Ἐμμανουηλίδης Στέλιος, 71. Ζαφειρίου Ἀντώνιος, 72. Θεοδοσίου Εὐάγγελος, 73. Καλλιγᾶς Ἀλέξανδρος, 74. Κεχαγιάς Δημήτριος, 75. Κοτσιώνης Σταῦρος, 76. Κωστόπουλος Ἰωάννης, 77. Λιάπης Γεώργιος, 78. Μαργαρίτης Θεόδωρος, 79. Μπαλτᾶς Ἀθανάσιος, 80. Νάνος Χαράλαμπος.

81. Ντόκος Βασίλειος, 82. Ὀρφανίδης Κωνσταντῖνος, 83. Παναγιωτίδης Ἰωάννης, 84. Παπαθανασίου Δημήτριος, 85. Πετρίδης Μιχαήλ, 86. Πολυχρονίδης Ἀριστοτέλης, 87. Ράπτης Γεώργιος, 88. Σαρρῆς Νικόλαος, 89. Σπανός Ἀπόστολος, 90. Στεφανίδης Ἀλέξανδρος, 91. Ταμβάκης Ἰωάννης, 92. Τερζῆς Θεοφάνης, 93. Τριανταφύλλου Ἀθανάσιος, 94. Τσιρίδης Ἀναστάσιος, 95. Φωτιάδης Παναγιώτης, 96. Χαραλαμπίδης Κωνσταντῖνος, 97. Χατζῆς Δημήτριος, 98. Χρυσοχοΐδης Γεώργιος, 99. Ἀγαθαγγέλου Βασίλειος, 100. Ἀϊβαζίδης Ἰωάννης, 101. Ἀλμπάνης Χρῆστος, 102. Ἀμανατίδης Νικόλαος, 103. Ἀνανιάδης Κυριάκος, 104. Ἀντωνιάδης Σωτήριος, 105. Ἀρμενάκης Ἐμμανουήλ, 106. Βαρβέρης Δημήτριος, 107. Βασιλειάδης Ἀθανάσιος, 108. Βογιατζῆς Γεώργιος, 109. Γαβριηλίδης Κωνσταντῖνος, 110. Γιαννούλης Ἰωάννης, 111. Γκόγκος Ἀπόστολος, 112. Δαλαμάγκας Παναγιώτης, 113. Δημόπουλος Ἀντώνιος, 114. Ἐξαρχόπουλος Θεόδωρος, 115. Ζαχαριάδης Σάββας, 116. Ἠλιόπουλος Χαράλαμπος, 117. Θεοφιλίδης Ἀναστάσιος, 118. Ἰορδανίδης Στυλιανός, 119. Καλογεράκης Μιχαήλ, 120. Καρασάββας Νικόλαος, 121. Κατσαούνης Βασίλειος, 122. Κεραμιδᾶς Ἰωάννης, 123. Κοκκινίδης Γεώργιος, 124. Κουκουλάκης Δημήτριος, 125. Κυπριανίδης Ἀθανάσιος, 126. Λαμπρινίδης Κωνσταντῖνος, 127. Λιόλιος Εὐάγγελος, 128. Μακρίδης Πέτρος, 129. Μαρκόπουλος Ἀλέξανδρος, 130. Μελετίου Σπυρίδων, 131. Μητσόπουλος Ἰωάννης, 132. Μουσταφέρης Χρῆστος, 133. Μπακιρτζῆς Ἀντώνιος, 134. Νεοφύτου Γεώργιος, 135. Νικηφορίδης Δημήτριος, 136. Ξενάκης Νικόλαος, 137. Παλαιολόγου Ἀθανάσιος, 138. Παπακωνσταντίνου Βασίλειος, 139. Παρασκευόπουλος Ἰωάννης, 140. Πιπερίδης Κωνσταντῖνος, 141. Πουλιόπουλος Γεώργιος, 142. Ρουσσάκης Ἀλέξανδρος, 143. Σαμαρτζῆς Παναγιώτης, 144. Σιούλας Θεόδωρος, 145. Σουλτάνης Ἀναστάσιος, 146. Σταματόπουλος Ἠλίας, 147. Συμεωνίδης Χαράλαμπος, 148. Τασιόπουλος Μιχαήλ, 149. Τζανετάκης Ἐμμανουήλ, 150. Τοπαλίδης Στέφανος.

ΖΑΧΑΡΟΠΛΑΣΤΕΙΑ-ΕΣΤΙΑΤΟΡΙΑ

«ΦΛΟΚΑ Α.Ε.»

Πρόσκλησις

Ἐπειδὴ κατὰ τὴν γενομένην τὴν 3ην Αὐγούστου ἐ.ἔ. Γενικὴν Συνέλευσιν τῶν μετόχων δὲν ἐπετεύχθη ἡ ὑπὸ τοῦ Νόμου ἀπαιτουμένη ἀπαρτία, καλοῦνται οἱ κ.κ. μέτοχοι εἰς Ἐπαναληπτικὴν Γενικὴν Συνέλευσιν τὴν 17ην Αὐγούστου 1970, ἡμέραν Δευτέραν καὶ ὥραν 11 π.μ. εἰς τὰ γραφεῖα τῆς ἑταιρείας, πρὸς συζήτησιν καὶ λῆψιν ἀποφάσεων ἐπὶ τῶν θεμάτων τῆς ἡμερησίας διατάξεως.

ΤΟ ΔΙΟΙΚΗΤΙΚΟΝ ΣΥΜΒΟΥΛΙΟΝ

ΕΜΠΟΡΙΚΗ ΤΡΑΠΕΖΑ ΤΗΣ ΕΛΛΑΔΟΣ Α.Ε.

Νέον κατάστημα

Ἡ Διοίκησις τῆς ΕΜΠΟΡΙΚΗΣ ΤΡΑΠΕΖΗΣ ΤΗΣ ΕΛΛΑΔΟΣ Α.Ε. εὐχαρίστως ἀνακοινοῖ ὅτι ἀπὸ σήμερον Τετάρτην 5ην Αὐγούστου 1970 ἄρχεται τῶν ἐργασιῶν του τὸ νέον Κατάστημα αὐτῆς εἰς

ΣΕΡΒΙΑ ΚΟΖΑΝΗΣ

Τὸ νέον τοῦτο Κατάστημα θὰ ἐξυπηρετῇ τὸ Κοινὸν ἐφ' ὅλων, ἐν γένει, τῶν τραπεζικῶν ἐργασιῶν

Μὲ 9%

σταθερὸν εἰσόδημα

ΠΩΛΕΙΤΑΙ ΟΡΟΦΟΣ ΕΚ 10 ΓΡΑΦΕΙΩΝ

κεντρικῶς εὑρισκόμενος μισθωμένος εἰς ἀξιόχρεους ὀργανισμούς

Πληροφορίαι: κ. Τζιόβας Τηλ. 28-272

ΔΙΑΜΕΡΙΣΜΑΤΑ ΜΕ ΕΞΟΦΛΗΣΙΝ ΣΕ 10 ΧΡΟΝΙΑ

Ἐν κατασκευῇ 30—50—100 τ.μ. εἰς τὴν Κάτω Τούμπα, μὲ προκαταβολὴν 20.000 δρχ. καὶ τὸ ὑπόλοιπον εἰς 10 ἔτη.

Ἐν κατασκευῇ 30—50—100 τ.μ. εἰς τὴν Κάτω Τούμπα, μὲ προκαταβολὴν 20.000 δρχ. καὶ τὸ ὑπόλοιπον εἰς 10 ἔτη.

Ἐν κατασκευῇ 30—50—100 τ.μ. εἰς τὴν Κάτω Τούμπα, μὲ προκαταβολὴν 20.000 δρχ. καὶ τὸ ὑπόλοιπον εἰς 10 ἔτη.

ΙΩΑΝ. ΔΕΔΕΟΓΛΟΥ & ΣΙΑ

Διακηρύξεις

ΕΘΝΙΚΗ ΔΙΚΑΙΩΜΑΤΟΣ ΕΚΜΕΤΑΛΛΕΥΣΕΩΣ ΑΝΩΘΕΣΜΟΥΣΙΩΝ. Ὁ Δήμαρχος Θεσσαλονίκης διακηρύττει ὅτι ἐκτίθεται εἰς ἐπαναληπτικὴν δημοπρασίαν τὸ δικαίωμα ἐκμεταλλεύσεως τῶν ἐκθεσιακῶν χώρων. Ἡ δημοπρασία θὰ διεξαχθῇ τὴν 17ην Αὐγούστου 1970 ἡμέραν Δευτέραν καὶ ὥραν 11—12 π.μ. εἰς τὸ Δημαρχιακὸν Μέγαρον. Ἐγγύησις συμμετοχῆς δρχ. 10.000.

ΕΘΝΙΚΗ ΔΙΚΑΙΩΜΑΤΟΣ ΕΚΜΕΤΑΛΛΕΥΣΕΩΣ ΑΝΩΘΕΣΜΟΥΣΙΩΝ. Ὁ Δήμαρχος Θεσσαλονίκης διακηρύττει ὅτι ἐκτίθεται εἰς ἐπαναληπτικὴν δημοπρασίαν τὸ δικαίωμα ἐκμεταλλεύσεως τῶν ἐκθεσιακῶν χώρων. Ἡ δημοπρασία θὰ διεξαχθῇ τὴν 17ην Αὐγούστου 1970 ἡμέραν Δευτέραν καὶ ὥραν 11—12 π.μ. εἰς τὸ Δημαρχιακὸν Μέγαρον. Ἐγγύησις συμμετοχῆς δρχ. 10.000.

ΦΩΤΟΛΙΘΟΓΡΑΦΙΚΗ ΕΚΤΥΠΩΣΙΣ ΕΚ ΧΕΙΡΟΣ ΚΑΙ ΠΡΟΜΗΘΕΙΑ ΦΑΚΕΛΩΝ

Ἡ Διεθνὴς Ἔκθεσις Θεσσαλονίκης ἐνεργεῖ πρόχειρον διαγωνισμὸν διὰ τὴν ἐκτύπωσιν ἐντύπων καὶ τὴν προμήθειαν φακέλων. Πληροφορίαι εἰς τὰ γραφεῖα αὐτῆς.

Ἡ Διεθνὴς Ἔκθεσις Θεσσαλονίκης ἐνεργεῖ πρόχειρον διαγωνισμὸν διὰ τὴν ἐκτύπωσιν ἐντύπων καὶ τὴν προμήθειαν φακέλων. Πληροφορίαι εἰς τὰ γραφεῖα αὐτῆς.

ΕΝΟΙΚΙΑΣΙΣ ΧΩΡΟΥ ΔΙΑ ΤΗΝ ΣΤΑΘΜΕΥΣΙΝ ΑΥΤΟΚΙΝΗΤΩΝ

Ἡ Διεθνὴς Ἔκθεσις Θεσσαλονίκης ἐκτίθησιν εἰς φανερὸν πλειοδοτικὸν διαγωνισμὸν τὴν ἐκμίσθωσιν χώρου διὰ τὴν στάθμευσιν αὐτοκινήτων κατὰ τὴν διάρκειαν τῆς ΧΧΧΥ Διεθνοῦς Ἐκθέσεως 1970.

Ἡ Διεθνὴς Ἔκθεσις Θεσσαλονίκης ἐκτίθησιν εἰς φανερὸν πλειοδοτικὸν διαγωνισμὸν τὴν ἐκμίσθωσιν χώρου διὰ τὴν στάθμευσιν αὐτοκινήτων κατὰ τὴν διάρκειαν τῆς ΧΧΧΥ Διεθνοῦς Ἐκθέσεως 1970.

ΑΝΑΘΕΣΙΣ ΕΡΓΑΣΙΩΝ ΑΠΟΛΥΜΑΝΣΕΩΣ

Ἡ Διεθνὴς Ἔκθεσις Θεσσαλονίκης προκηρύσσει διαγωνισμὸν διὰ τὴν ἀνάθεσιν τῶν ἐργασιῶν ἀπολυμάνσεως τῶν περιπτέρων.

Ἡ Διεθνὴς Ἔκθεσις Θεσσαλονίκης προκηρύσσει διαγωνισμὸν διὰ τὴν ἀνάθεσιν τῶν ἐργασιῶν ἀπολυμάνσεως τῶν περιπτέρων.

ΕΚΜΙΣΘΩΣΙΣ ΚΥΛΙΚΕΙΩΝ

Ἡ Διεθνὴς Ἔκθεσις Θεσσαλονίκης ἐκτίθησιν εἰς πλειοδοτικὸν διαγωνισμὸν τὴν ἐκμίσθωσιν κυλικείων ἐντὸς τοῦ χώρου αὐτῆς.

Ἡ Διεθνὴς Ἔκθεσις Θεσσαλονίκης ἐκτίθησιν εἰς πλειοδοτικὸν διαγωνισμὸν τὴν ἐκμίσθωσιν κυλικείων ἐντὸς τοῦ χώρου αὐτῆς.

ΜΙΣΘΩΣΙΣ ΠΡΟΘΗΚΗΣ

Ἡ Βασιλικὴ Σταυρουπόλεως ἐκτίθησιν εἰς πλειοδοτικὸν διαγωνισμὸν τὴν μίσθωσιν προθήκης.

Ἡ Βασιλικὴ Σταυρουπόλεως ἐκτίθησιν εἰς πλειοδοτικὸν διαγωνισμὸν τὴν μίσθωσιν προθήκης.

ΑΓΟΡΑ ΤΡΟΦΙΜΩΝ. Ὁ Ὀργανισμὸς Λιμένος Θεσσαλονίκης προκηρύσσει πρόχειρον διαγωνισμὸν διὰ τὴν προμήθειαν τροφίμων διὰ τὰς ἀνάγκας τοῦ προσωπικοῦ. Αἱ προσφοραὶ κατατίθενται μέχρι τῆς 20ῆς Αὐγούστου 1970.

ΑΓΟΡΑ ΤΡΟΦΙΜΩΝ. Ὁ Ὀργανισμὸς Λιμένος Θεσσαλονίκης προκηρύσσει πρόχειρον διαγωνισμὸν διὰ τὴν προμήθειαν τροφίμων διὰ τὰς ἀνάγκας τοῦ προσωπικοῦ. Αἱ προσφοραὶ κατατίθενται μέχρι τῆς 20ῆς Αὐγούστου 1970.

ΑΣΦΑΛΤΟΣΤΡΩΣΙΣ ΟΔΩΝ

Ὁ Δήμαρχος Σταυρουπόλεως ἐκτίθησιν εἰς μειοδοτικὸν διαγωνισμὸν τὴν ἐκτέλεσιν τοῦ ἔργου ἀσφαλτοστρώσεως ὁδῶν τοῦ Δήμου. Προϋπολογισμὸς δρχ. 1.200.000.

Ὁ Δήμαρχος Σταυρουπόλεως ἐκτίθησιν εἰς μειοδοτικὸν διαγωνισμὸν τὴν ἐκτέλεσιν τοῦ ἔργου ἀσφαλτοστρώσεως ὁδῶν τοῦ Δήμου. Προϋπολογισμὸς δρχ. 1.200.000.

ΚΑΤΑΣΚΕΥΗ ΠΕΡΙΠΤΕΡΟΥ

Ἡ Διεθνὴς Ἔκθεσις Θεσσαλονίκης προκηρύσσει διαγωνισμὸν διὰ τὴν κατασκευὴν περιπτέρου.

Ἡ Διεθνὴς Ἔκθεσις Θεσσαλονίκης προκηρύσσει διαγωνισμὸν διὰ τὴν κατασκευὴν περιπτέρου.

ΑΝΑΘΕΣΙΣ ΚΑΘΑΡΙΟΤΗΤΟΣ

Ἡ Διεθνὴς Ἔκθεσις Θεσσαλονίκης προκηρύσσει διαγωνισμὸν διὰ τὴν ἀνάθεσιν τῆς καθαριότητος τοῦ χώρου αὐτῆς.

Ἡ Διεθνὴς Ἔκθεσις Θεσσαλονίκης προκηρύσσει διαγωνισμὸν διὰ τὴν ἀνάθεσιν τῆς καθαριότητος τοῦ χώρου αὐτῆς.

ΜΕΤΑΦΟΡΑ ΣΙΤΟΥ ΚΑΙ ΚΡΙΘΗΣ

Ὁ Ὀργανισμὸς Κ.Υ.Δ.Ε.Π. ἐκτίθησιν εἰς μειοδοτικὸν διαγωνισμὸν τὴν μεταφορὰν σίτου καὶ κριθῆς.

Ὁ Ὀργανισμὸς Κ.Υ.Δ.Ε.Π. ἐκτίθησιν εἰς μειοδοτικὸν διαγωνισμὸν τὴν μεταφορὰν σίτου καὶ κριθῆς.

ΠΑΛΑΙ ΝΤΕ ΣΠΟΡ

ΣΑΒΒΑΤΟΝ 8 — ΚΥΡΙΑΚΗ 9 ΑΥΓΟΥΣΤΟΥ

ΩΡΑ 9 Μ.Μ. — 2 ΣΥΝΑΥΛΙΑΙ

Ο ΔΙΟΝΥΣΗΣ ΣΑΒΒΟΠΟΥΛΟΣ ΚΑΙ ΤΑ ΜΠΟΥΡΜΠΟΥΛΙΑ ΤΟΥ

ΜΑΖΙ ΤΟΥΣ Η ΜΑΡΙΑ ΦΑΡΑΝΤΟΥΡΗ

Προπώλησις εἰσιτηρίων: Πρακτορεῖον ΟΠΑΠ, ΛΑΚΚΟ Ἐγνατίας καὶ εἰς τὸ Παλαὶ ντὲ Σπόρ.

...εμεις αγαπιωμαστε

...γιατί γνωριζόμαστε καλά. Ζοῦμε στὸν ἴδιο χῶρο, στὴν ἴδια πατρίδα. Ἀσφαλιζόμαστε στὴν ἴδια ἑταιρεία, ποὺ μᾶς γνωρίζει καὶ μᾶς ἐμπιστεύεται γιατὶ κι ἐμεῖς τὴν ἐμπιστευόμαστε.

ολυμπιακη

ΑΣΦΑΛΙΣΤΙΚΗ ΑΕ

Η ΜΟΝΗ ΑΣΦΑΛΙΣΤΙΚΗ ΕΤΑΙΡΙΑ ΜΕ ΕΔΡΑ ΤΗ ΘΕΣΣΑΛΟΝΙΚΗ
